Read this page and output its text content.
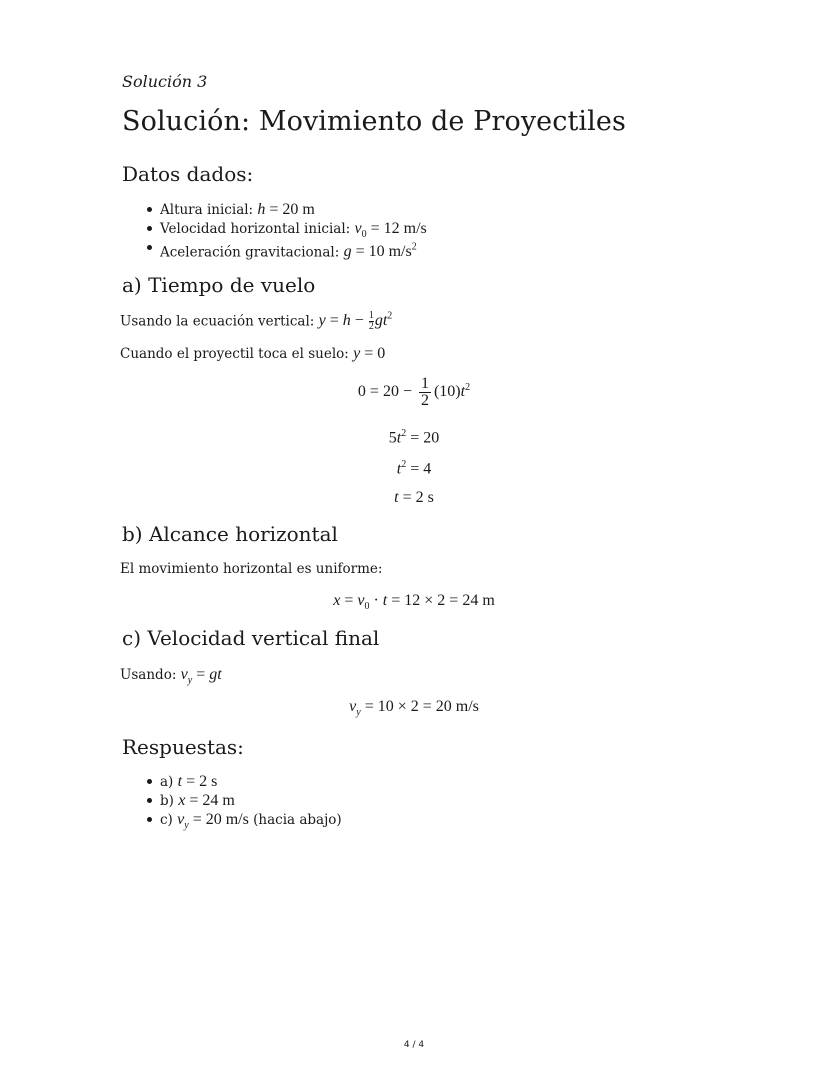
Solución 3
Solución: Movimiento de Proyectiles
Datos dados:
Altura inicial: h = 20 m
Velocidad horizontal inicial: $v_0 = 12$ m/s
Aceleración gravitacional: g = 10 $m/s^2$
a) Tiempo de vuelo

Usando la ecuación vertical: $y = h - \frac{1}{2} gt^2$

Cuando el proyectil toca el suelo: y = 0

$0 = 20 - \frac{1}{2} (10)t^2$
$5t^2 = 20$
$t^2 = 4$
t = 2 s
b) Alcance horizontal

El movimiento horizontal es uniforme:

$x = v_0 \cdot t = 12 \times 2 = 24$ m
c) Velocidad vertical final

Usando: $v_y$ = gt

$v_y = 10 \times 2 = 20$ m/s
Respuestas:
a) t = 2 s
b) x = 24 m
c) $v_y = 20$ m/s (hacia abajo)
4 / 4
